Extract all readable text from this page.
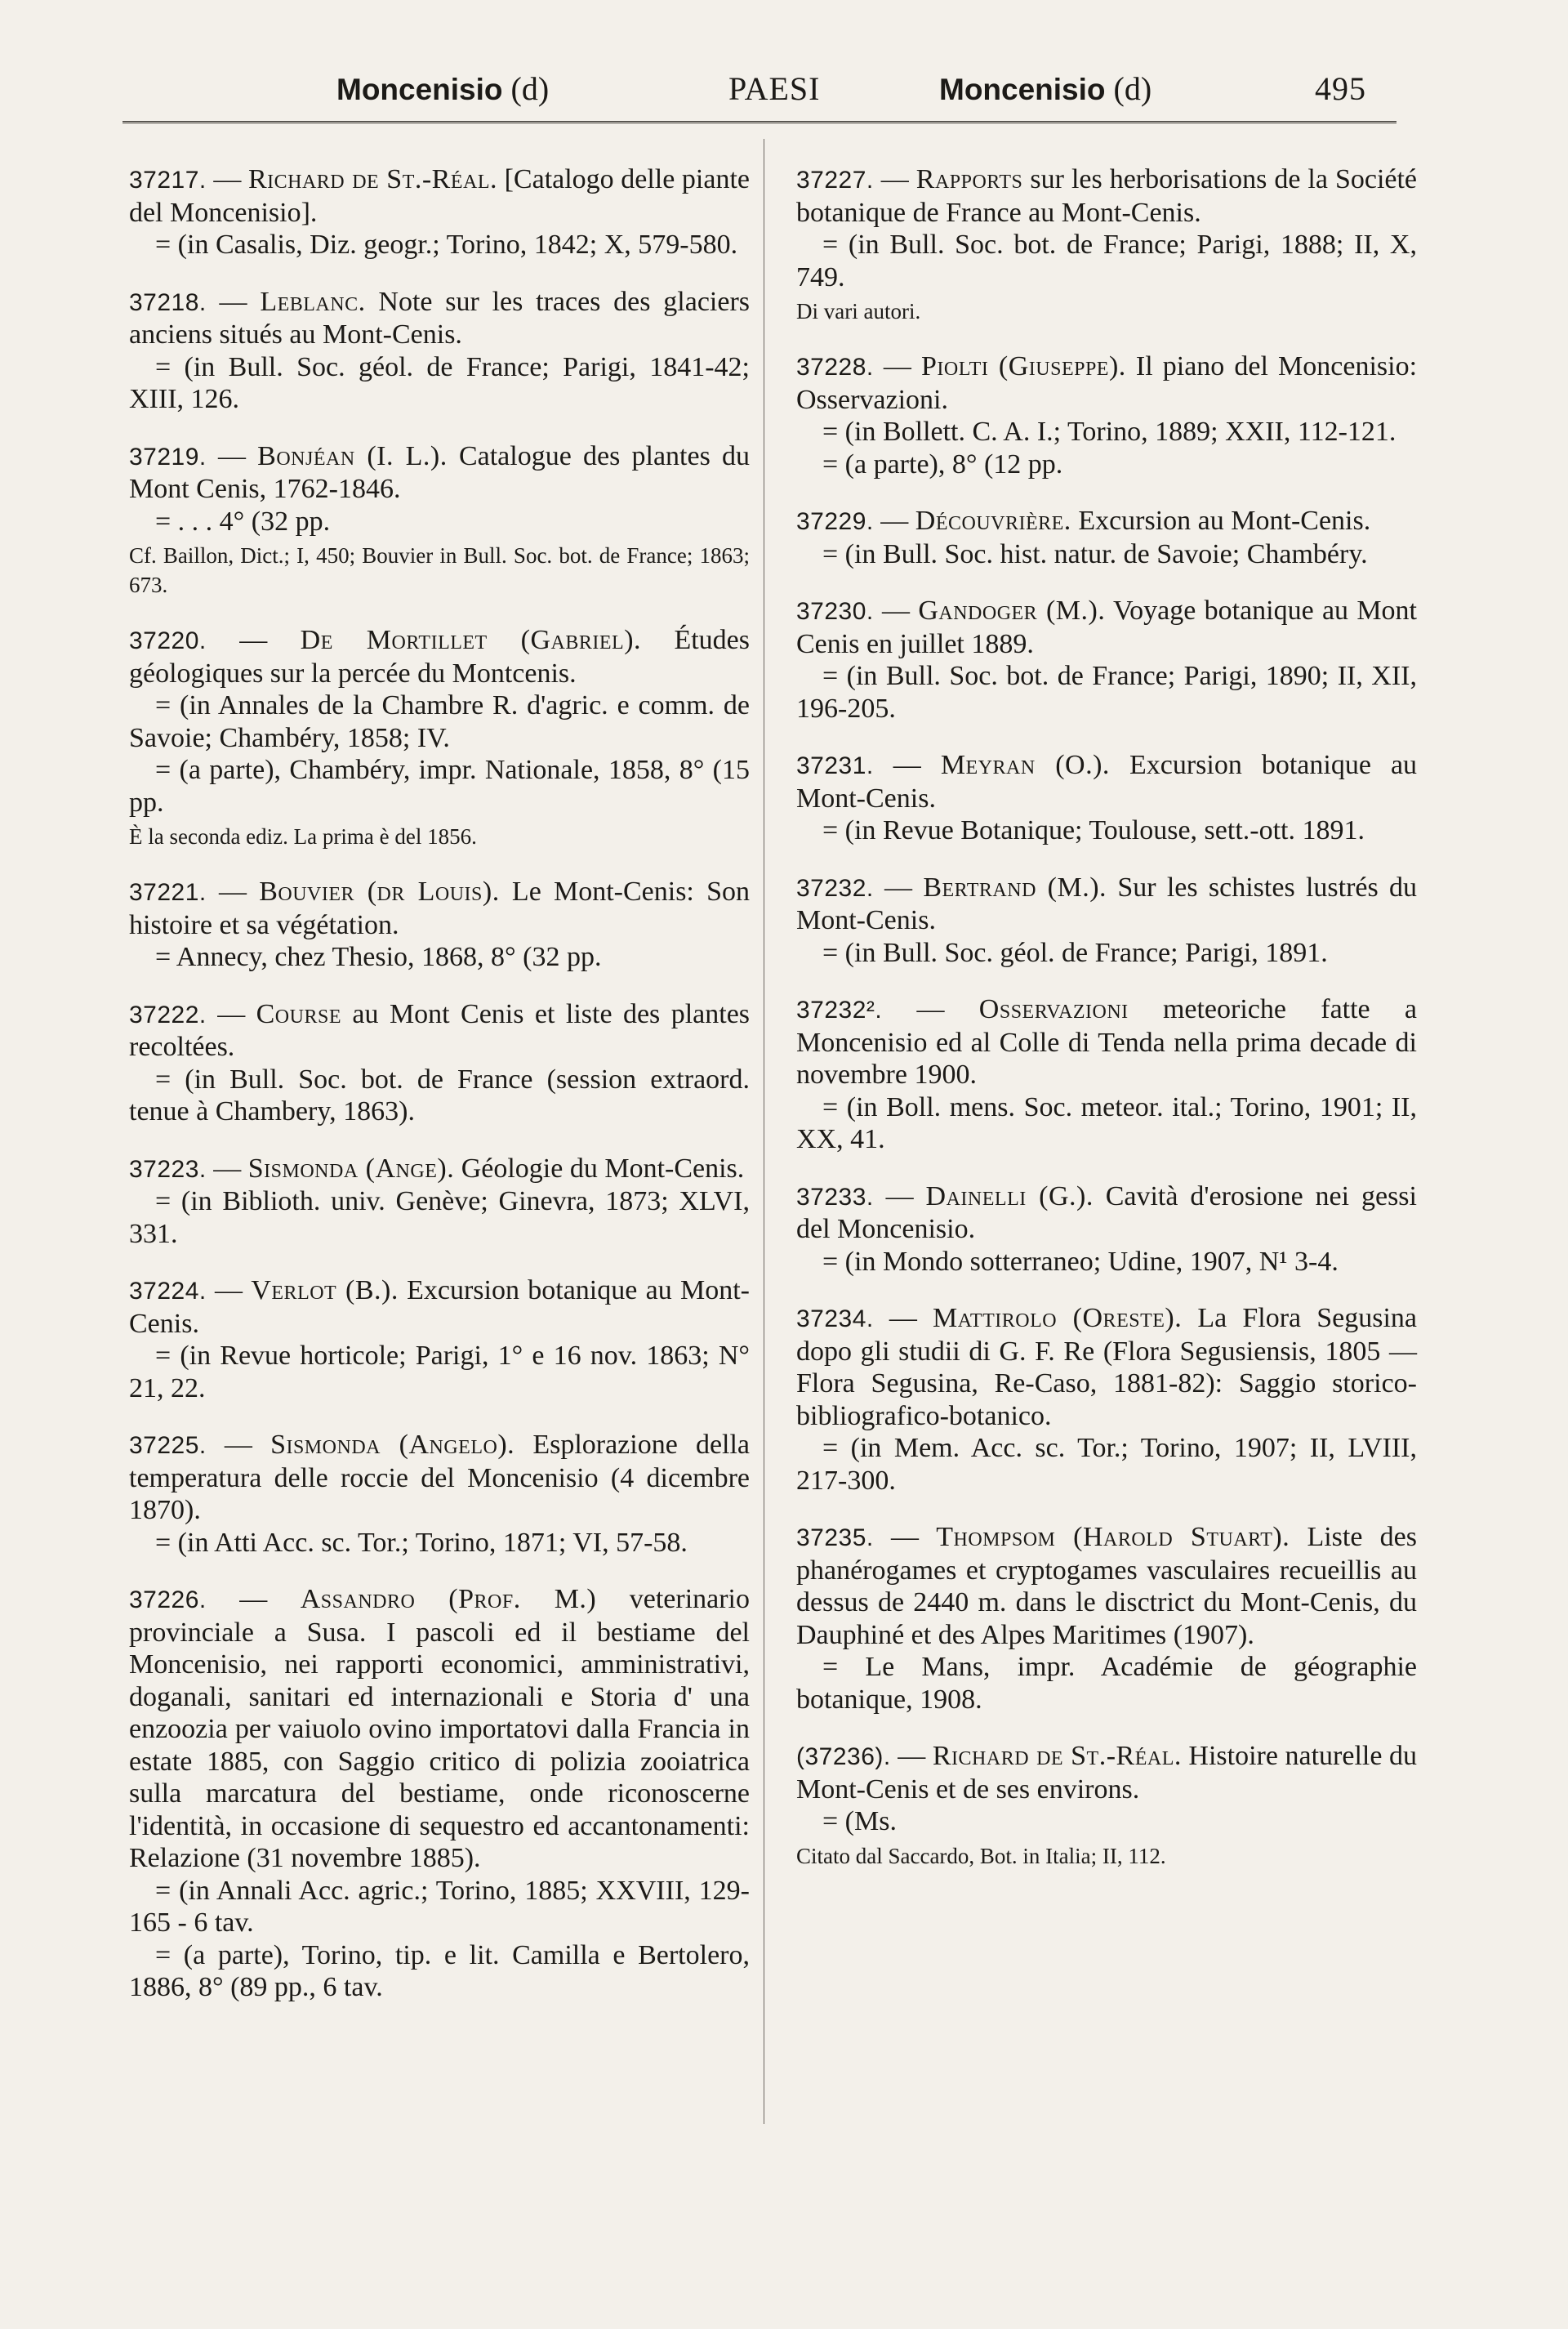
Moncenisio (d)	PAESI	Moncenisio (d)	495

37217. — Richard de St.-Réal. [Catalogo delle piante del Moncenisio].

= (in Casalis, Diz. geogr.; Torino, 1842; X, 579-580.

37218. — Leblanc. Note sur les traces des glaciers anciens situés au Mont-Cenis.

= (in Bull. Soc. géol. de France; Parigi, 1841-42; XIII, 126.

37219. — Bonjéan (I. L.). Catalogue des plantes du Mont Cenis, 1762-1846.

= . . . 4° (32 pp.

Cf. Baillon, Dict.; I, 450; Bouvier in Bull. Soc. bot. de France; 1863; 673.

37220. — De Mortillet (Gabriel). Études géologiques sur la percée du Montcenis.

= (in Annales de la Chambre R. d'agric. e comm. de Savoie; Chambéry, 1858; IV.

= (a parte), Chambéry, impr. Nationale, 1858, 8° (15 pp.

È la seconda ediz. La prima è del 1856.

37221. — Bouvier (dr Louis). Le Mont-Cenis: Son histoire et sa végétation.

= Annecy, chez Thesio, 1868, 8° (32 pp.

37222. — Course au Mont Cenis et liste des plantes recoltées.

= (in Bull. Soc. bot. de France (session extraord. tenue à Chambery, 1863).

37223. — Sismonda (Ange). Géologie du Mont-Cenis.

= (in Biblioth. univ. Genève; Ginevra, 1873; XLVI, 331.

37224. — Verlot (B.). Excursion botanique au Mont-Cenis.

= (in Revue horticole; Parigi, 1° e 16 nov. 1863; N° 21, 22.

37225. — Sismonda (Angelo). Esplorazione della temperatura delle roccie del Moncenisio (4 dicembre 1870).

= (in Atti Acc. sc. Tor.; Torino, 1871; VI, 57-58.

37226. — Assandro (Prof. M.) veterinario provinciale a Susa. I pascoli ed il bestiame del Moncenisio, nei rapporti economici, amministrativi, doganali, sanitari ed internazionali e Storia d' una enzoozia per vaiuolo ovino importatovi dalla Francia in estate 1885, con Saggio critico di polizia zooiatrica sulla marcatura del bestiame, onde riconoscerne l'identità, in occasione di sequestro ed accantonamenti: Relazione (31 novembre 1885).

= (in Annali Acc. agric.; Torino, 1885; XXVIII, 129-165 - 6 tav.

= (a parte), Torino, tip. e lit. Camilla e Bertolero, 1886, 8° (89 pp., 6 tav.

37227. — Rapports sur les herborisations de la Société botanique de France au Mont-Cenis.

= (in Bull. Soc. bot. de France; Parigi, 1888; II, X, 749.

Di vari autori.

37228. — Piolti (Giuseppe). Il piano del Moncenisio: Osservazioni.

= (in Bollett. C. A. I.; Torino, 1889; XXII, 112-121.

= (a parte), 8° (12 pp.

37229. — Découvrière. Excursion au Mont-Cenis.

= (in Bull. Soc. hist. natur. de Savoie; Chambéry.

37230. — Gandoger (M.). Voyage botanique au Mont Cenis en juillet 1889.

= (in Bull. Soc. bot. de France; Parigi, 1890; II, XII, 196-205.

37231. — Meyran (O.). Excursion botanique au Mont-Cenis.

= (in Revue Botanique; Toulouse, sett.-ott. 1891.

37232. — Bertrand (M.). Sur les schistes lustrés du Mont-Cenis.

= (in Bull. Soc. géol. de France; Parigi, 1891.

37232². — Osservazioni meteoriche fatte a Moncenisio ed al Colle di Tenda nella prima decade di novembre 1900.

= (in Boll. mens. Soc. meteor. ital.; Torino, 1901; II, XX, 41.

37233. — Dainelli (G.). Cavità d'erosione nei gessi del Moncenisio.

= (in Mondo sotterraneo; Udine, 1907, N¹ 3-4.

37234. — Mattirolo (Oreste). La Flora Segusina dopo gli studii di G. F. Re (Flora Segusiensis, 1805 — Flora Segusina, Re-Caso, 1881-82): Saggio storico-bibliografico-botanico.

= (in Mem. Acc. sc. Tor.; Torino, 1907; II, LVIII, 217-300.

37235. — Thompsom (Harold Stuart). Liste des phanérogames et cryptogames vasculaires recueillis au dessus de 2440 m. dans le disctrict du Mont-Cenis, du Dauphiné et des Alpes Maritimes (1907).

= Le Mans, impr. Académie de géographie botanique, 1908.

(37236). — Richard de St.-Réal. Histoire naturelle du Mont-Cenis et de ses environs.

= (Ms.

Citato dal Saccardo, Bot. in Italia; II, 112.
